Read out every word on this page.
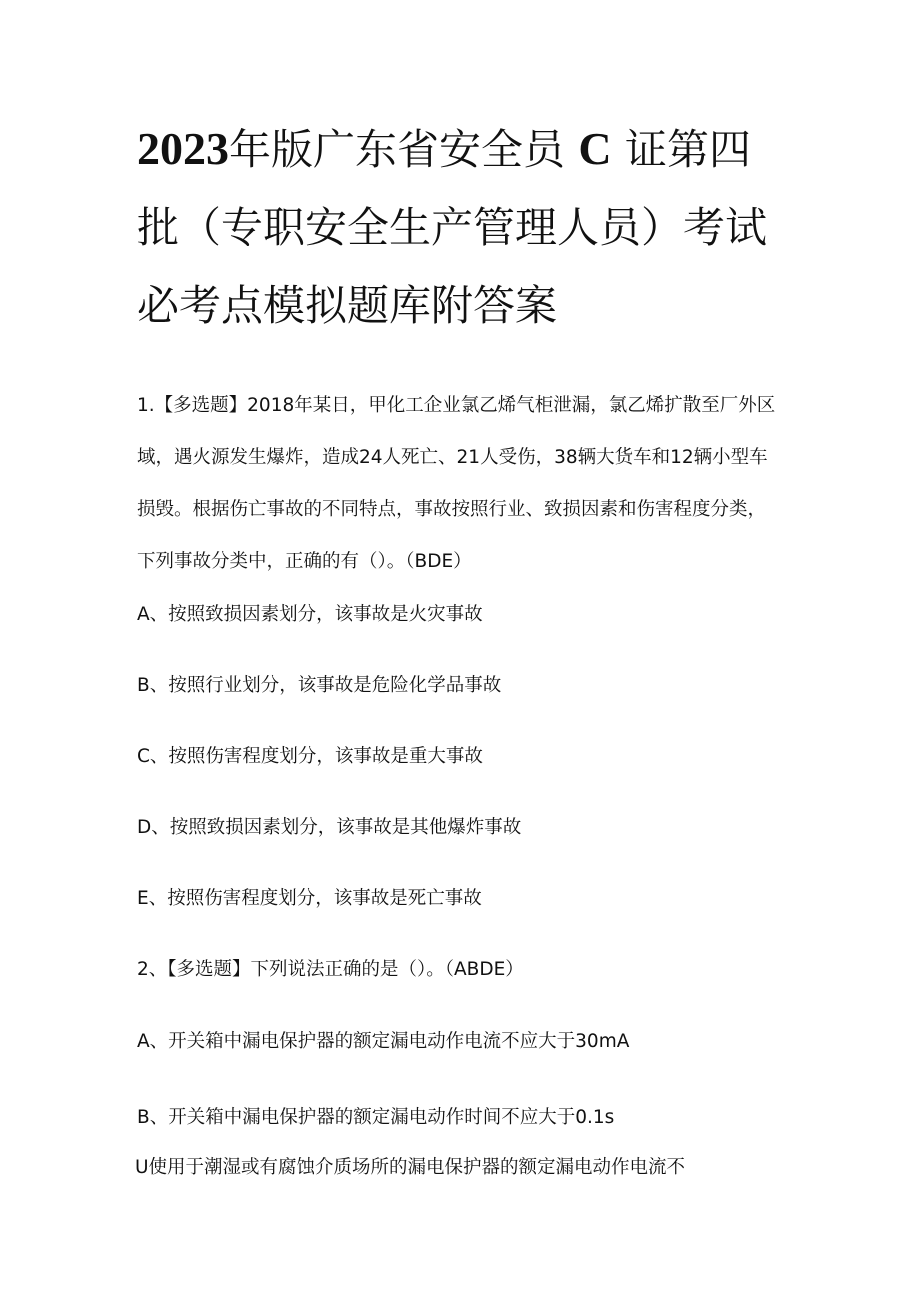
2023年版广东省安全员 C 证第四批（专职安全生产管理人员）考试必考点模拟题库附答案

1.【多选题】2018年某日，甲化工企业氯乙烯气柜泄漏，氯乙烯扩散至厂外区域，遇火源发生爆炸，造成24人死亡、21人受伤，38辆大货车和12辆小型车损毁。根据伤亡事故的不同特点，事故按照行业、致损因素和伤害程度分类，下列事故分类中，正确的有（）。（BDE）

A、按照致损因素划分，该事故是火灾事故

B、按照行业划分，该事故是危险化学品事故

C、按照伤害程度划分，该事故是重大事故

D、按照致损因素划分，该事故是其他爆炸事故

E、按照伤害程度划分，该事故是死亡事故

2、【多选题】下列说法正确的是（）。（ABDE）

A、开关箱中漏电保护器的额定漏电动作电流不应大于30mA

B、开关箱中漏电保护器的额定漏电动作时间不应大于0.1s

U使用于潮湿或有腐蚀介质场所的漏电保护器的额定漏电动作电流不
